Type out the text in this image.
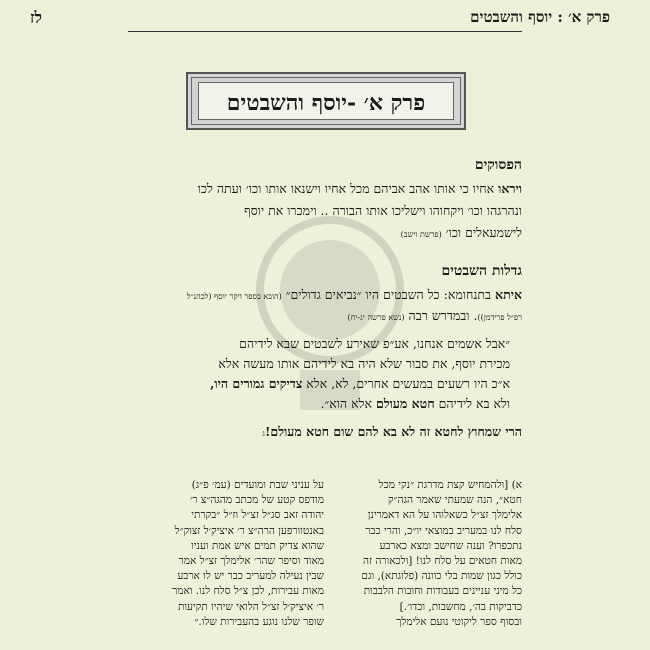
פרק א׳ : יוסף והשבטים
לז
פרק א׳ -יוסף והשבטים
הפסוקים
ויראו אחיו כי אותו אהב אביהם מכל אחיו וישנאו אותו וכו׳ ועתה לכו
ונהרגהו וכו׳ ויקחוהו וישליכו אותו הבורה .. וימכרו את יוסף
לישמעאלים וכו׳ (פרשת וישב)
גדלות השבטים
איתא בתנחומא: כל השבטים היו ״נביאים גדולים״ (הובא בספר ויקר יוסף (לכהנ״ל
רפ״ל פרידמן)). ובמדרש רבה (נשא פרשה יג-יח)
״אבל אשמים אנחנו, אע״פ שאירע לשבטים שבא לידיהם
מכירת יוסף, את סבור שלא היה בא לידיהם אותו מעשה אלא
א״כ היו רשעים במעשים אחרים, לא, אלא צדיקים גמורים היו,
ולא בא לידיהם חטא מעולם אלא הוא״.
הרי שמחוץ לחטא זה לא בא להם שום חטא מעולם!ג
א) [ולהמחיש קצת מדרגת ״נקי מכל
חטא״, הנה שמעתי שאמר הגה״ק
אלימלך זצ״ל כשאלוהו על הא דאמרינן
סלח לנו במעריב במוצאי יו״כ, והרי כבר
נתכפרו? וענה שחישב ומצא כארבע
מאות חטאים על סלח לנו! [ולכאורה זה
כולל כגון שמות בלי כוונה (פלוגתא), וגם
כל מיני עניינים בעבודות וחובות הלבבות
כדביקות בה׳, מחשבות, וכדו׳.]
ובסוף ספר ליקוטי נועם אלימלך
על עניני שבת ומועדים (עמ׳ פ״ג)
מודפס קטע של מכתב מהגה״צ ר׳
יהודה זאב סג״ל זצ״ל וז״ל ״בקרתי
באנטוורפען הרה״צ ר׳ איציק׳ל זצוק״ל
שהוא צדיק תמים איש אמת ועניו
מאוד וסיפר שהר׳ אלימלך זצ״ל אמר
שבין נעילה למעריב כבר יש לו ארבע
מאות עבירות, לכן צ״ל סלח לנו. ואמר
ר׳ איציק׳ל זצ״ל הלואי שיהיו תקיעות
שופר שלנו נוגע בהעבירות שלו.״
